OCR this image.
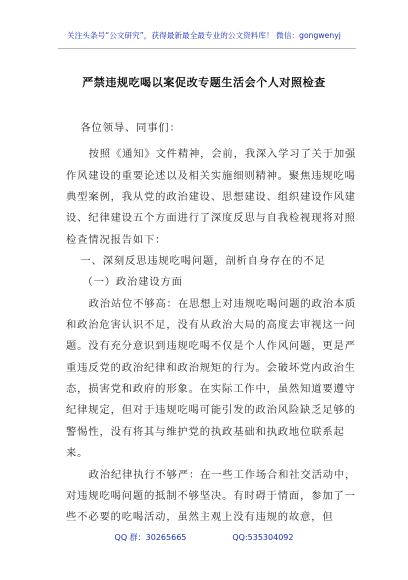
关注头条号“公文研究”，获得最新最全最专业的公文资料库！ 微信：gongwenyj
严禁违规吃喝以案促改专题生活会个人对照检查

各位领导、同事们：

按照《通知》文件精神，会前，我深入学习了关于加强作风建设的重要论述以及相关实施细则精神。聚焦违规吃喝典型案例，我从党的政治建设、思想建设、组织建设作风建设、纪律建设五个方面进行了深度反思与自我检视现将对照检查情况报告如下：

一、深刻反思违规吃喝问题，剖析自身存在的不足

（一）政治建设方面

政治站位不够高：在思想上对违规吃喝问题的政治本质和政治危害认识不足，没有从政治大局的高度去审视这一问题。没有充分意识到违规吃喝不仅是个人作风问题，更是严重违反党的政治纪律和政治规矩的行为。会破坏党内政治生态，损害党和政府的形象。在实际工作中，虽然知道要遵守纪律规定，但对于违规吃喝可能引发的政治风险缺乏足够的警惕性，没有将其与维护党的执政基础和执政地位联系起来。

政治纪律执行不够严：在一些工作场合和社交活动中，对违规吃喝问题的抵制不够坚决。有时碍于情面，参加了一些不必要的吃喝活动，虽然主观上没有违规的故意，但

QQ 群：30265665	QQ:535304092
